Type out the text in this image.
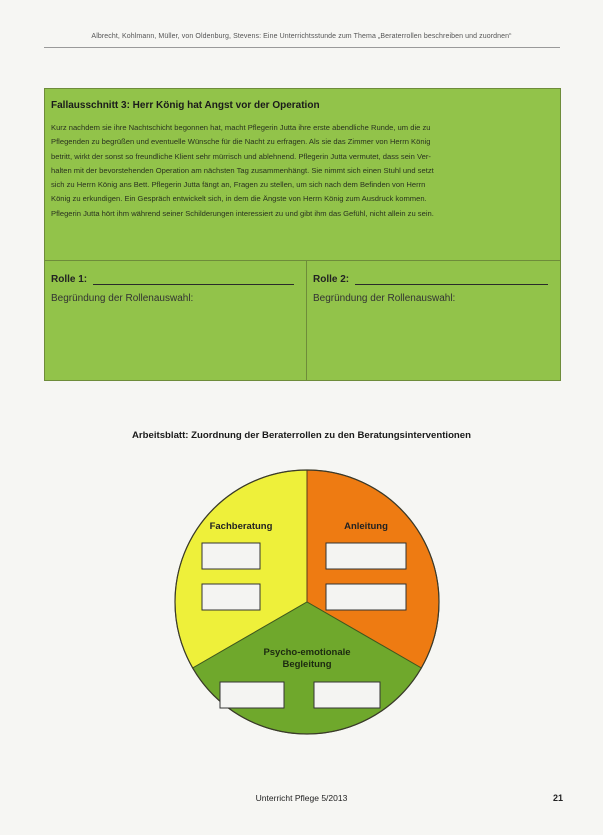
Albrecht, Kohlmann, Müller, von Oldenburg, Stevens: Eine Unterrichtsstunde zum Thema „Beraterrollen beschreiben und zuordnen“

Fallausschnitt 3: Herr König hat Angst vor der Operation

Kurz nachdem sie ihre Nachtschicht begonnen hat, macht Pflegerin Jutta ihre erste abendliche Runde, um die zu
Pflegenden zu begrüßen und eventuelle Wünsche für die Nacht zu erfragen. Als sie das Zimmer von Herrn König
betritt, wirkt der sonst so freundliche Klient sehr mürrisch und ablehnend. Pflegerin Jutta vermutet, dass sein Ver-
halten mit der bevorstehenden Operation am nächsten Tag zusammenhängt. Sie nimmt sich einen Stuhl und setzt
sich zu Herrn König ans Bett. Pflegerin Jutta fängt an, Fragen zu stellen, um sich nach dem Befinden von Herrn
König zu erkundigen. Ein Gespräch entwickelt sich, in dem die Ängste von Herrn König zum Ausdruck kommen.
Pflegerin Jutta hört ihm während seiner Schilderungen interessiert zu und gibt ihm das Gefühl, nicht allein zu sein.

Rolle 1:
Begründung der Rollenauswahl:
Rolle 2:
Begründung der Rollenauswahl:
Arbeitsblatt: Zuordnung der Beraterrollen zu den Beratungsinterventionen
Fachberatung	Anleitung
Psycho-emotionale
Begleitung
Unterricht Pflege 5/2013	21
